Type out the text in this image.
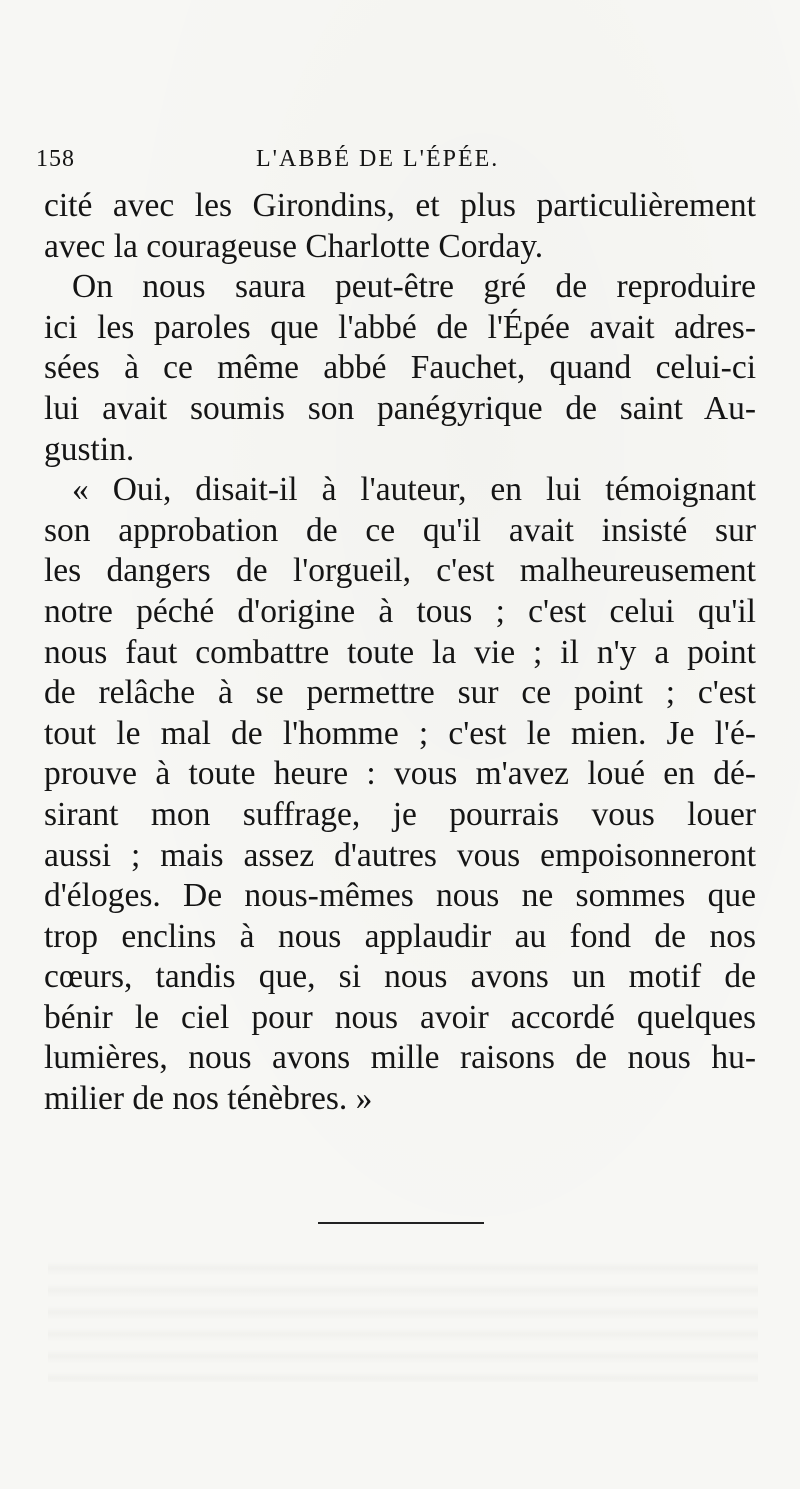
158	L'ABBÉ DE L'ÉPÉE.
cité avec les Girondins, et plus particulièrement
avec la courageuse Charlotte Corday.
On nous saura peut-être gré de reproduire
ici les paroles que l'abbé de l'Épée avait adres-
sées à ce même abbé Fauchet, quand celui-ci
lui avait soumis son panégyrique de saint Au-
gustin.
« Oui, disait-il à l'auteur, en lui témoignant
son approbation de ce qu'il avait insisté sur
les dangers de l'orgueil, c'est malheureusement
notre péché d'origine à tous ; c'est celui qu'il
nous faut combattre toute la vie ; il n'y a point
de relâche à se permettre sur ce point ; c'est
tout le mal de l'homme ; c'est le mien. Je l'é-
prouve à toute heure : vous m'avez loué en dé-
sirant mon suffrage, je pourrais vous louer
aussi ; mais assez d'autres vous empoisonneront
d'éloges. De nous-mêmes nous ne sommes que
trop enclins à nous applaudir au fond de nos
cœurs, tandis que, si nous avons un motif de
bénir le ciel pour nous avoir accordé quelques
lumières, nous avons mille raisons de nous hu-
milier de nos ténèbres. »
